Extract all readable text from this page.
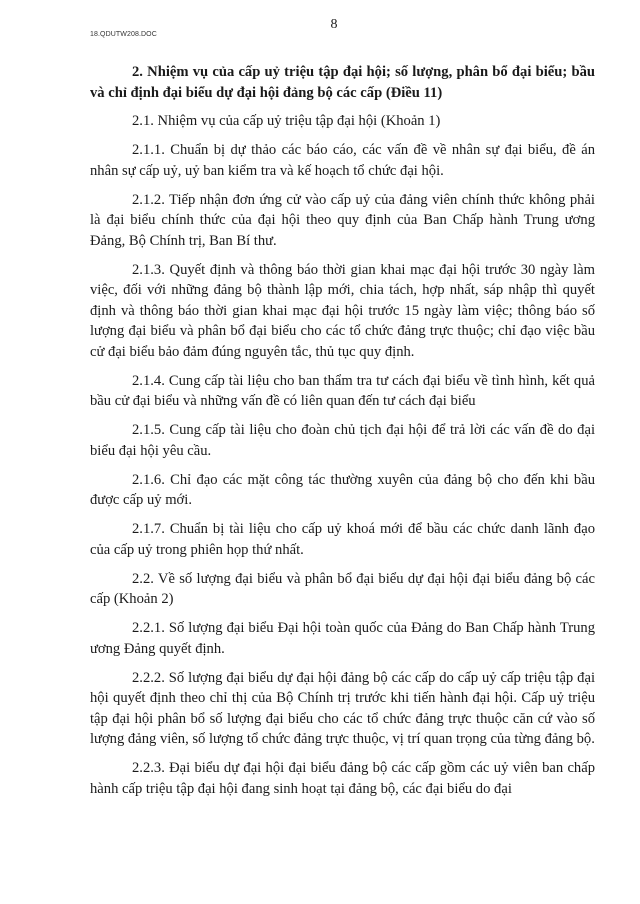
18.QDUTW208.DOC
8

2. Nhiệm vụ của cấp uỷ triệu tập đại hội; số lượng, phân bổ đại biểu; bầu và chỉ định đại biểu dự đại hội đảng bộ các cấp (Điều 11)

2.1. Nhiệm vụ của cấp uỷ triệu tập đại hội (Khoản 1)

2.1.1. Chuẩn bị dự thảo các báo cáo, các vấn đề về nhân sự đại biểu, đề án nhân sự cấp uỷ, uỷ ban kiểm tra và kế hoạch tổ chức đại hội.

2.1.2. Tiếp nhận đơn ứng cử vào cấp uỷ của đảng viên chính thức không phải là đại biểu chính thức của đại hội theo quy định của Ban Chấp hành Trung ương Đảng, Bộ Chính trị, Ban Bí thư.

2.1.3. Quyết định và thông báo thời gian khai mạc đại hội trước 30 ngày làm việc, đối với những đảng bộ thành lập mới, chia tách, hợp nhất, sáp nhập thì quyết định và thông báo thời gian khai mạc đại hội trước 15 ngày làm việc; thông báo số lượng đại biểu và phân bổ đại biểu cho các tổ chức đảng trực thuộc; chỉ đạo việc bầu cử đại biểu bảo đảm đúng nguyên tắc, thủ tục quy định.

2.1.4. Cung cấp tài liệu cho ban thẩm tra tư cách đại biểu về tình hình, kết quả bầu cử đại biểu và những vấn đề có liên quan đến tư cách đại biểu

2.1.5. Cung cấp tài liệu cho đoàn chủ tịch đại hội để trả lời các vấn đề do đại biểu đại hội yêu cầu.

2.1.6. Chỉ đạo các mặt công tác thường xuyên của đảng bộ cho đến khi bầu được cấp uỷ mới.

2.1.7. Chuẩn bị tài liệu cho cấp uỷ khoá mới để bầu các chức danh lãnh đạo của cấp uỷ trong phiên họp thứ nhất.

2.2. Về số lượng đại biểu và phân bổ đại biểu dự đại hội đại biểu đảng bộ các cấp (Khoản 2)

2.2.1. Số lượng đại biểu Đại hội toàn quốc của Đảng do Ban Chấp hành Trung ương Đảng quyết định.

2.2.2. Số lượng đại biểu dự đại hội đảng bộ các cấp do cấp uỷ cấp triệu tập đại hội quyết định theo chỉ thị của Bộ Chính trị trước khi tiến hành đại hội. Cấp uỷ triệu tập đại hội phân bổ số lượng đại biểu cho các tổ chức đảng trực thuộc căn cứ vào số lượng đảng viên, số lượng tổ chức đảng trực thuộc, vị trí quan trọng của từng đảng bộ.

2.2.3. Đại biểu dự đại hội đại biểu đảng bộ các cấp gồm các uỷ viên ban chấp hành cấp triệu tập đại hội đang sinh hoạt tại đảng bộ, các đại biểu do đại
